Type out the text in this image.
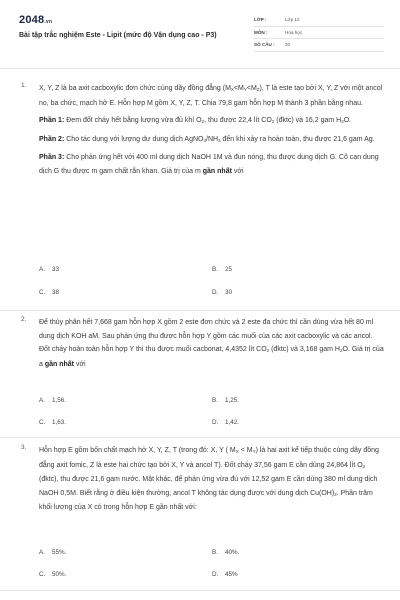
2048.vn
Bài tập trắc nghiệm Este - Lipit (mức độ Vận dụng cao - P3)
LỚP :	Lớp 12
MÔN :	Hóa học
SỐ CÂU : 20
1. X, Y, Z là ba axit cacboxylic đơn chức cùng dãy đồng đẳng $(M_X<M_Y<M_Z)$, T là este tạo bởi X, Y, Z với một ancol no, ba chức, mạch hở E. Hỗn hợp M gồm X, Y, Z, T. Chia 79,8 gam hỗn hợp M thành 3 phần bằng nhau.

Phần 1: Đem đốt cháy hết bằng lượng vừa đủ khí $O_2$, thu được 22,4 lít $CO_2$ (đktc) và 16,2 gam $H_2O$.

Phần 2: Cho tác dụng với lượng dư dung dịch $AgNO_3/NH_3$ đến khi xảy ra hoàn toàn, thu được 21,6 gam Ag.

Phần 3: Cho phản ứng hết với 400 ml dung dịch NaOH 1M và đun nóng, thu được dung dịch G. Cô cạn dung dịch G thu được m gam chất rắn khan. Giá trị của m gần nhất với

A. 33	B. 25
C. 38	D. 30
2. Để thủy phân hết 7,668 gam hỗn hợp X gồm 2 este đơn chức và 2 este đa chức thì cần dùng vừa hết 80 ml dung dịch KOH aM. Sau phản ứng thu được hỗn hợp Y gồm các muối của các axit cacboxylic và các ancol. Đốt cháy hoàn toàn hỗn hợp Y thì thu được muối cacbonat, 4,4352 lít $CO_2$ (đktc) và 3,168 gam $H_2O$. Giá trị của a gần nhất với

A. 1,56.	B. 1,25.
C. 1,63.	D. 1,42.
3. Hỗn hợp E gồm bốn chất mạch hở X, Y, Z, T (trong đó: X, Y ( $M_X < M_Y$) là hai axit kế tiếp thuộc cùng dãy đồng đẳng axit fomic, Z là este hai chức tạo bởi X, Y và ancol T). Đốt cháy 37,56 gam E cần dùng 24,864 lít $O_2$ (đktc), thu được 21,6 gam nước. Mặt khác, để phản ứng vừa đủ với 12,52 gam E cần dùng 380 ml dung dịch NaOH 0,5M. Biết rằng ở điều kiện thường, ancol T không tác dụng được với dung dịch $Cu(OH)_2$. Phần trăm khối lượng của X có trong hỗn hợp E gần nhất với:

A. 55%.	B. 40%.
C. 50%.	D. 45%
